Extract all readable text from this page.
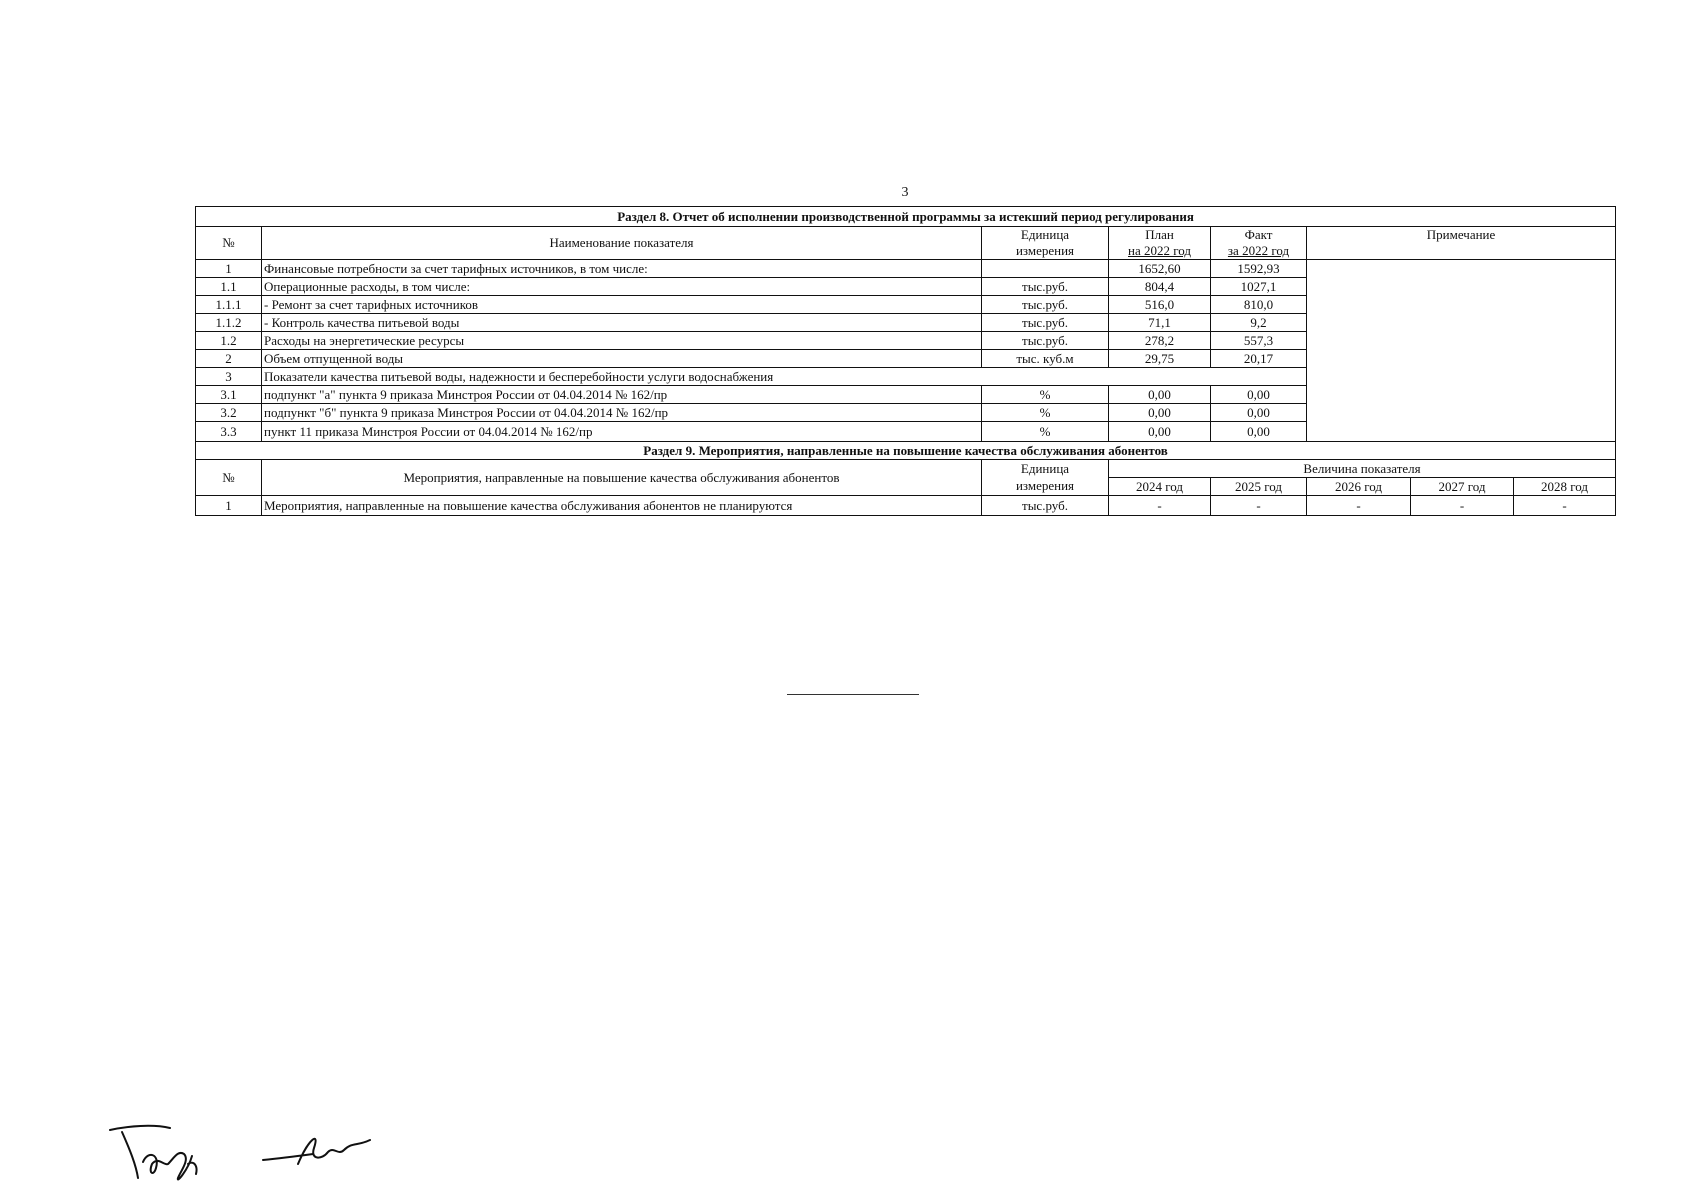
3
Раздел 8. Отчет об исполнении производственной программы за истекший период регулирования							
№	Наименование показателя	Единица	План	Факт	Примечание		
		измерения	на 2022 год	за 2022 год			
1	Финансовые потребности за счет тарифных источников, в том числе:		1652,60	1592,93			
1.1	Операционные расходы, в том числе:	тыс.руб.	804,4	1027,1			
1.1.1	- Ремонт за счет тарифных источников	тыс.руб.	516,0	810,0			
1.1.2	- Контроль качества питьевой воды	тыс.руб.	71,1	9,2			
1.2	Расходы на энергетические ресурсы	тыс.руб.	278,2	557,3			
2	Объем отпущенной воды	тыс. куб.м	29,75	20,17			
3	Показатели качества питьевой воды, надежности и бесперебойности услуги водоснабжения						
3.1	подпункт "а" пункта 9 приказа Минстроя России от 04.04.2014 № 162/пр	%	0,00	0,00			
3.2	подпункт "б" пункта 9 приказа Минстроя России от 04.04.2014 № 162/пр	%	0,00	0,00			
3.3	пункт 11 приказа Минстроя России от 04.04.2014 № 162/пр	%	0,00	0,00			
Раздел 9. Мероприятия, направленные на повышение качества обслуживания абонентов							
№	Мероприятия, направленные на повышение качества обслуживания абонентов	Единица	Величина показателя				
		измерения	2024 год	2025 год	2026 год	2027 год	2028 год
1	Мероприятия, направленные на повышение качества обслуживания абонентов не планируются	тыс.руб.	-	-	-	-	-
